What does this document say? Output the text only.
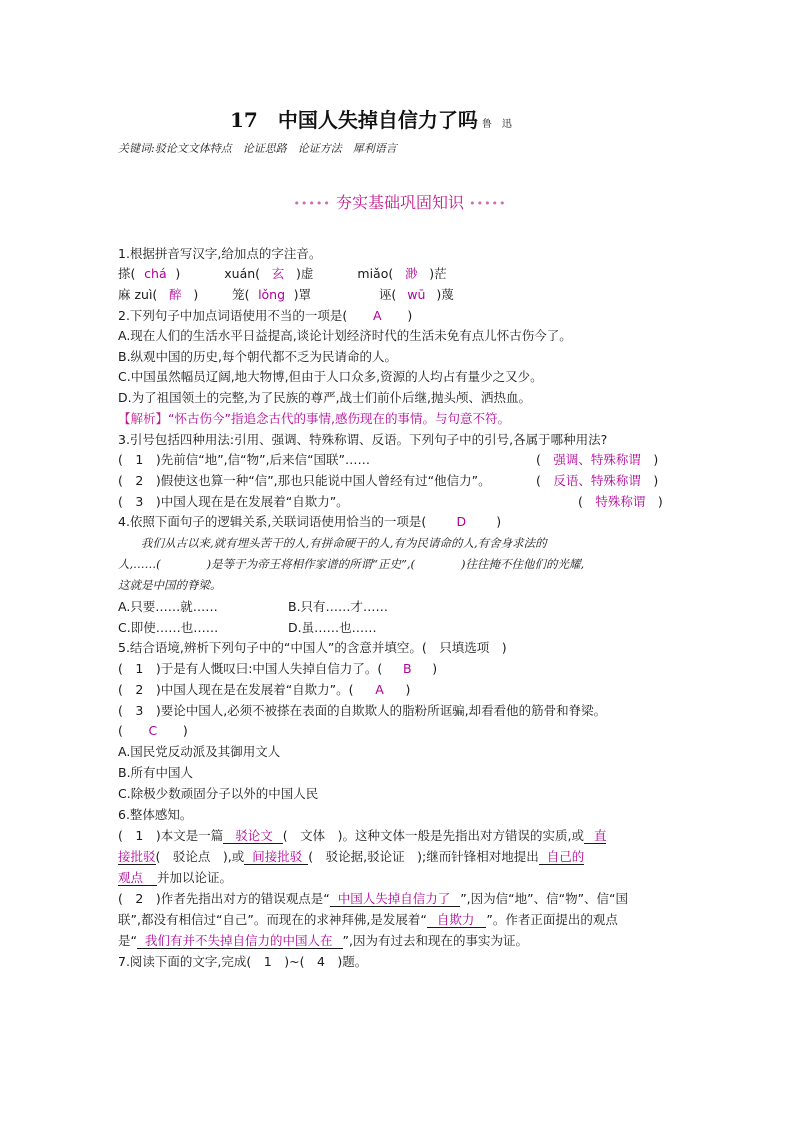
17　中国人失掉自信力了吗 鲁　迅
关键词:驳论文文体特点　论证思路　论证方法　犀利语言
••••• 夯实基础巩固知识 •••••
1.根据拼音写汉字,给加点的字注音。
搽( chá )	xuán( 玄 )虚	miǎo( 渺 )茫
麻 zuì( 醉 )	笼( lǒng )罩	诬( wū )蔑
2.下列句子中加点词语使用不当的一项是( A )
A.现在人们的生活水平日益提高,谈论计划经济时代的生活未免有点儿怀古伤今了。
B.纵观中国的历史,每个朝代都不乏为民请命的人。
C.中国虽然幅员辽阔,地大物博,但由于人口众多,资源的人均占有量少之又少。
D.为了祖国领土的完整,为了民族的尊严,战士们前仆后继,抛头颅、洒热血。
【解析】“怀古伤今”指追念古代的事情,感伤现在的事情。与句意不符。
3.引号包括四种用法:引用、强调、特殊称谓、反语。下列句子中的引号,各属于哪种用法?
(　1　)先前信“地”,信“物”,后来信“国联”……	(　强调、特殊称谓　)
(　2　)假使这也算一种“信”,那也只能说中国人曾经有过“他信力”。	(　反语、特殊称谓　)
(　3　)中国人现在是在发展着“自欺力”。	(　特殊称谓　)
4.依照下面句子的逻辑关系,关联词语使用恰当的一项是( D )
　　我们从古以来,就有埋头苦干的人,有拼命硬干的人,有为民请命的人,有舍身求法的
人,……(　　　　)是等于为帝王将相作家谱的所谓“正史”,(　　　　)往往掩不住他们的光耀,
这就是中国的脊梁。
A.只要……就……	B.只有……才……
C.即使……也……	D.虽……也……
5.结合语境,辨析下列句子中的“中国人”的含意并填空。(　只填选项　)
(　1　)于是有人慨叹曰:中国人失掉自信力了。( B )
(　2　)中国人现在是在发展着“自欺力”。( A )
(　3　)要论中国人,必须不被搽在表面的自欺欺人的脂粉所诓骗,却看看他的筋骨和脊梁。
( C )
A.国民党反动派及其御用文人
B.所有中国人
C.除极少数顽固分子以外的中国人民
6.整体感知。
(　1　)本文是一篇 驳论文 (　文体　)。这种文体一般是先指出对方错误的实质,或 直
接批驳(　驳论点　),或 间接批驳 (　驳论据,驳论证　);继而针锋相对地提出 自己的
观点 并加以论证。
(　2　)作者先指出对方的错误观点是“ 中国人失掉自信力了 ”,因为信“地”、信“物”、信“国
联”,都没有相信过“自己”。而现在的求神拜佛,是发展着“ 自欺力 ”。作者正面提出的观点
是“ 我们有并不失掉自信力的中国人在 ”,因为有过去和现在的事实为证。
7.阅读下面的文字,完成(　1　)~(　4　)题。
